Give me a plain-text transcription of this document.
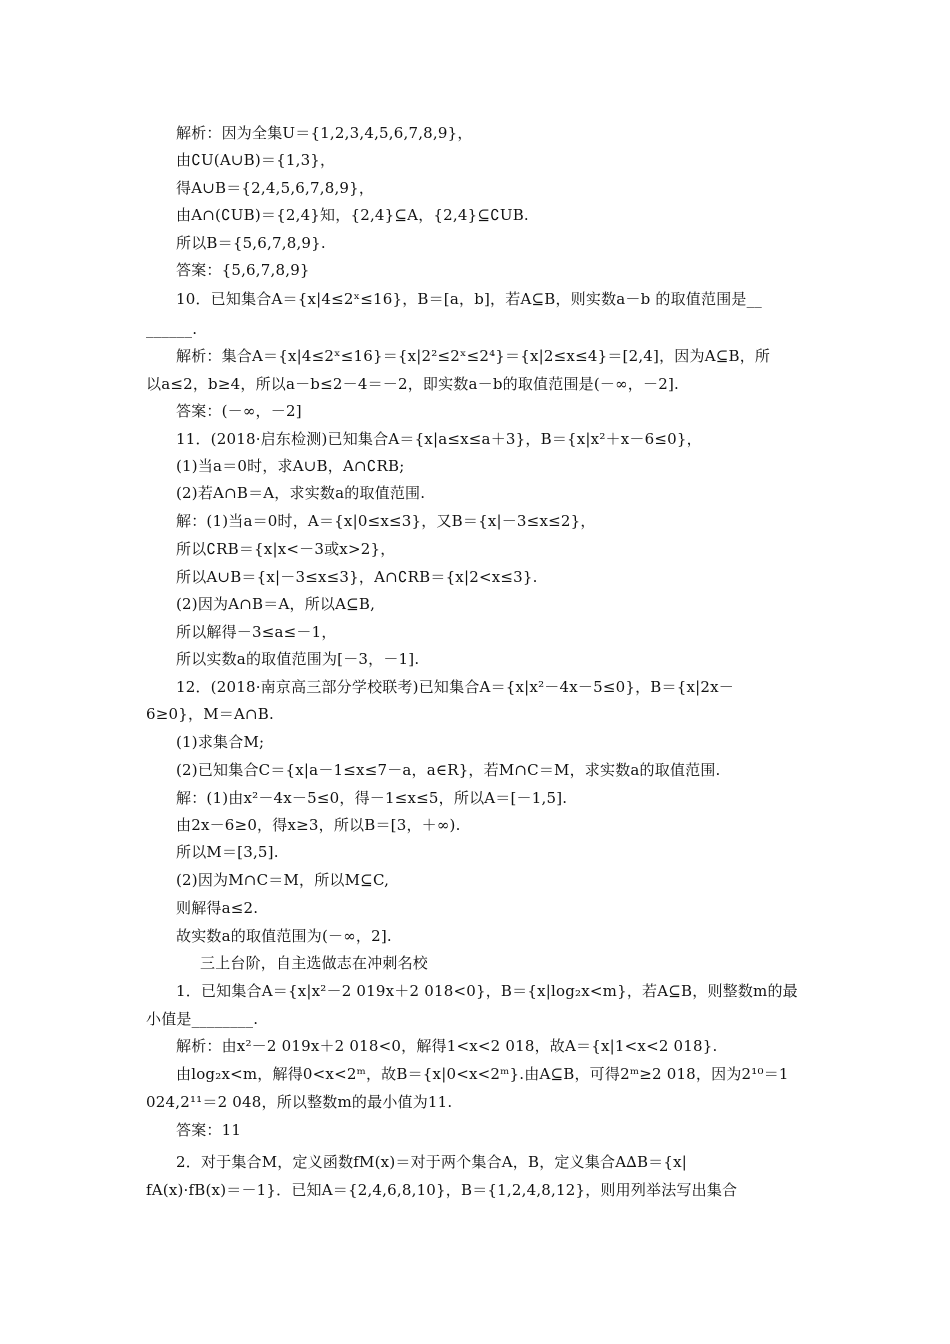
解析：因为全集U＝{1,2,3,4,5,6,7,8,9}，

由∁U(A∪B)＝{1,3}，

得A∪B＝{2,4,5,6,7,8,9}，

由A∩(∁UB)＝{2,4}知，{2,4}⊆A，{2,4}⊆∁UB.

所以B＝{5,6,7,8,9}.

答案：{5,6,7,8,9}

10．已知集合A＝{x|4≤2ˣ≤16}，B＝[a，b]，若A⊆B，则实数a－b 的取值范围是__

______.

解析：集合A＝{x|4≤2ˣ≤16}＝{x|2²≤2ˣ≤2⁴}＝{x|2≤x≤4}＝[2,4]，因为A⊆B，所

以a≤2，b≥4，所以a－b≤2－4＝－2，即实数a－b的取值范围是(－∞，－2].

答案：(－∞，－2]

11．(2018·启东检测)已知集合A＝{x|a≤x≤a＋3}，B＝{x|x²＋x－6≤0}，

(1)当a＝0时，求A∪B，A∩∁RB;

(2)若A∩B＝A，求实数a的取值范围.

解：(1)当a＝0时，A＝{x|0≤x≤3}，又B＝{x|－3≤x≤2}，

所以∁RB＝{x|x<－3或x>2}，

所以A∪B＝{x|－3≤x≤3}，A∩∁RB＝{x|2<x≤3}.

(2)因为A∩B＝A，所以A⊆B,

所以解得－3≤a≤－1，

所以实数a的取值范围为[－3，－1].

12．(2018·南京高三部分学校联考)已知集合A＝{x|x²－4x－5≤0}，B＝{x|2x－

6≥0}，M＝A∩B.

(1)求集合M;

(2)已知集合C＝{x|a－1≤x≤7－a，a∈R}，若M∩C＝M，求实数a的取值范围.

解：(1)由x²－4x－5≤0，得－1≤x≤5，所以A＝[－1,5].

由2x－6≥0，得x≥3，所以B＝[3，＋∞).

所以M＝[3,5].

(2)因为M∩C＝M，所以M⊆C,

则解得a≤2.

故实数a的取值范围为(－∞，2].

三上台阶，自主选做志在冲刺名校

1．已知集合A＝{x|x²－2 019x＋2 018<0}，B＝{x|log₂x<m}，若A⊆B，则整数m的最

小值是________.

解析：由x²－2 019x＋2 018<0，解得1<x<2 018，故A＝{x|1<x<2 018}.

由log₂x<m，解得0<x<2ᵐ，故B＝{x|0<x<2ᵐ}.由A⊆B，可得2ᵐ≥2 018，因为2¹⁰＝1

024,2¹¹＝2 048，所以整数m的最小值为11.

答案：11

2．对于集合M，定义函数fM(x)＝对于两个集合A，B，定义集合A∆B＝{x|

fA(x)·fB(x)＝－1}．已知A＝{2,4,6,8,10}，B＝{1,2,4,8,12}，则用列举法写出集合
